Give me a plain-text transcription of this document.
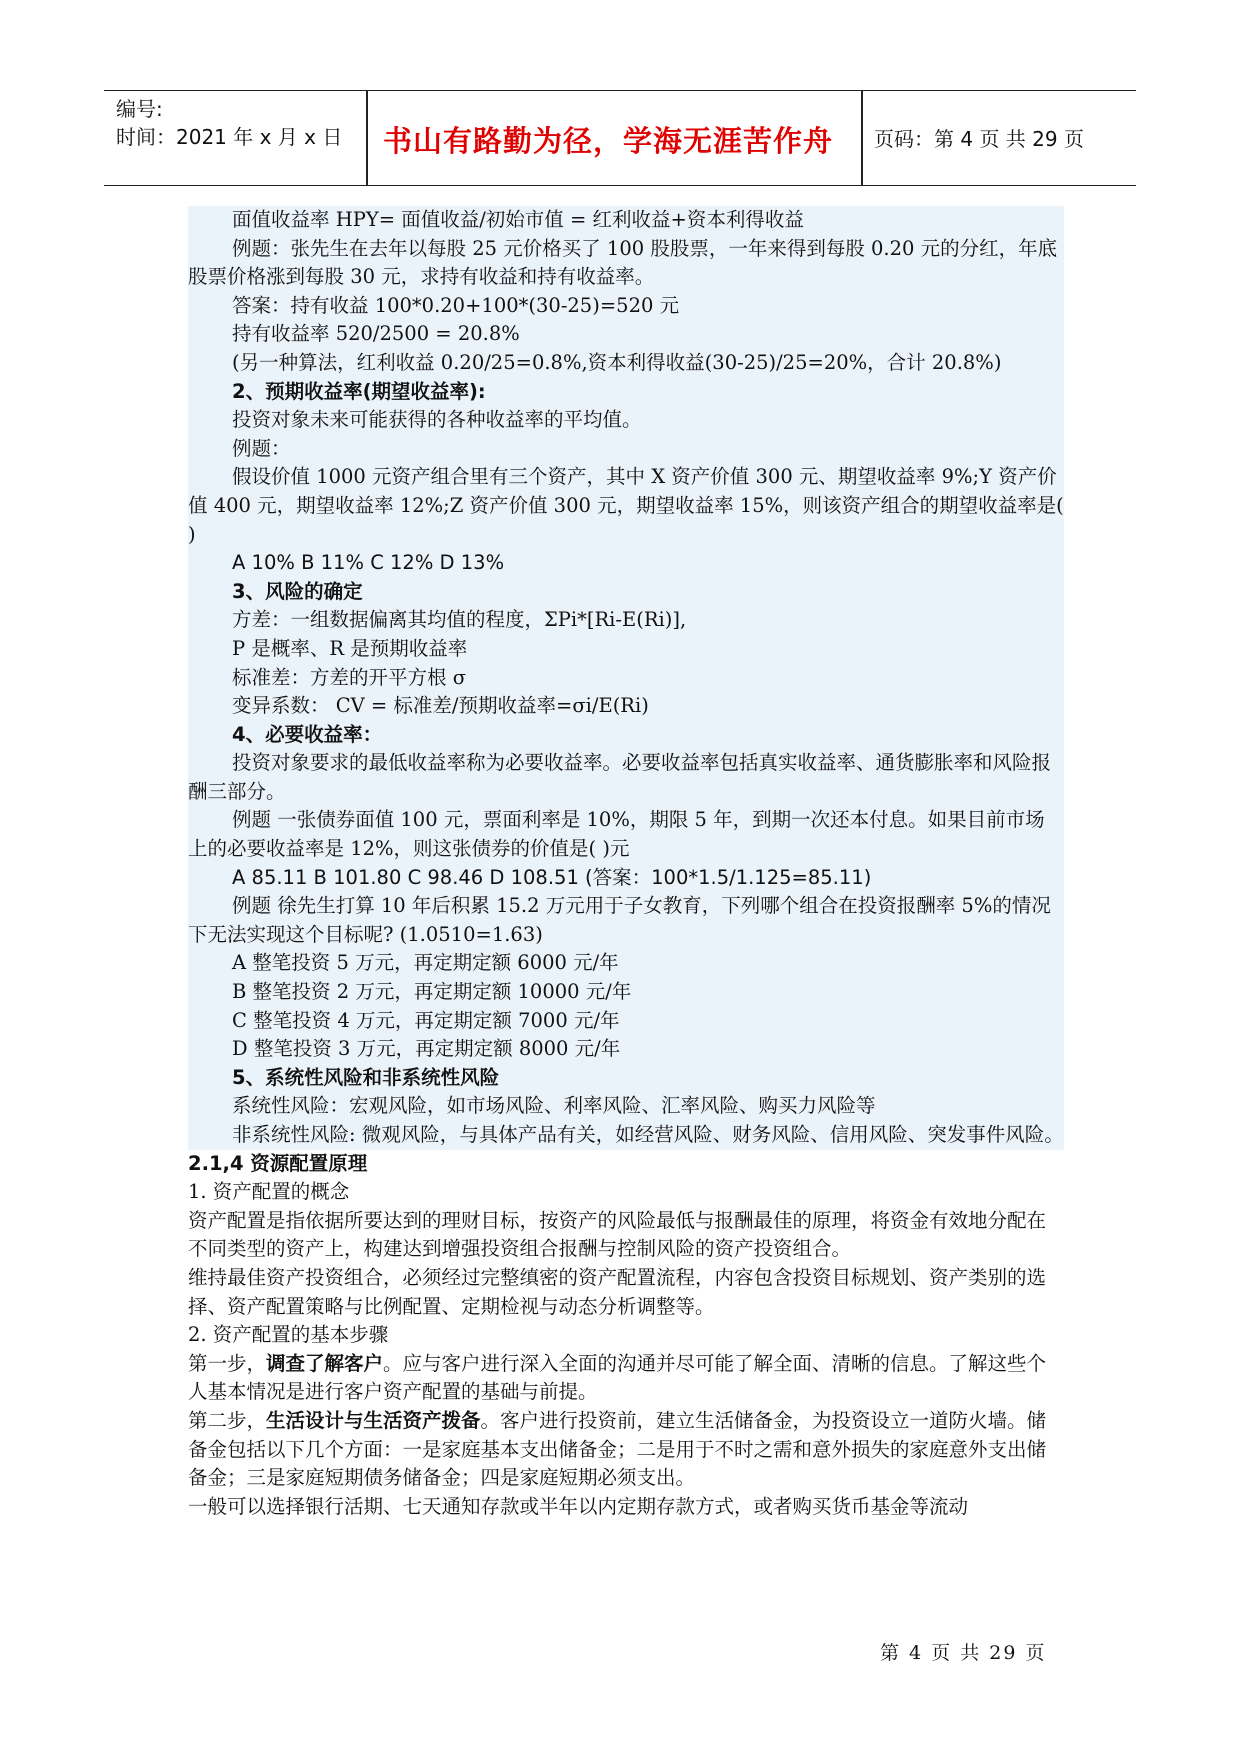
编号:
时间：2021 年 x 月 x 日	书山有路勤为径，学海无涯苦作舟	页码：第 4 页 共 29 页

面值收益率 HPY= 面值收益/初始市值 = 红利收益+资本利得收益

例题：张先生在去年以每股 25 元价格买了 100 股股票，一年来得到每股 0.20 元的分红，年底股票价格涨到每股 30 元，求持有收益和持有收益率。

答案：持有收益 100*0.20+100*(30-25)=520 元

持有收益率 520/2500 = 20.8%

(另一种算法，红利收益 0.20/25=0.8%,资本利得收益(30-25)/25=20%，合计 20.8%)

2、预期收益率(期望收益率):

投资对象未来可能获得的各种收益率的平均值。

例题：

假设价值 1000 元资产组合里有三个资产，其中 X 资产价值 300 元、期望收益率 9%;Y 资产价值 400 元，期望收益率 12%;Z 资产价值 300 元，期望收益率 15%，则该资产组合的期望收益率是( )

A 10% B 11% C 12% D 13%

3、风险的确定

方差：一组数据偏离其均值的程度，ΣPi*[Ri-E(Ri)],

P 是概率、R 是预期收益率

标准差：方差的开平方根 σ

变异系数： CV = 标准差/预期收益率=σi/E(Ri)

4、必要收益率：

投资对象要求的最低收益率称为必要收益率。必要收益率包括真实收益率、通货膨胀率和风险报酬三部分。

例题 一张债券面值 100 元，票面利率是 10%，期限 5 年，到期一次还本付息。如果目前市场上的必要收益率是 12%，则这张债券的价值是( )元

A 85.11 B 101.80 C 98.46 D 108.51 (答案：100*1.5/1.125=85.11)

例题 徐先生打算 10 年后积累 15.2 万元用于子女教育，下列哪个组合在投资报酬率 5%的情况下无法实现这个目标呢? (1.0510=1.63)

A 整笔投资 5 万元，再定期定额 6000 元/年

B 整笔投资 2 万元，再定期定额 10000 元/年

C 整笔投资 4 万元，再定期定额 7000 元/年

D 整笔投资 3 万元，再定期定额 8000 元/年

5、系统性风险和非系统性风险

系统性风险：宏观风险，如市场风险、利率风险、汇率风险、购买力风险等

非系统性风险: 微观风险，与具体产品有关，如经营风险、财务风险、信用风险、突发事件风险。

2.1,4 资源配置原理

1. 资产配置的概念

资产配置是指依据所要达到的理财目标，按资产的风险最低与报酬最佳的原理，将资金有效地分配在不同类型的资产上，构建达到增强投资组合报酬与控制风险的资产投资组合。

维持最佳资产投资组合，必须经过完整缜密的资产配置流程，内容包含投资目标规划、资产类别的选择、资产配置策略与比例配置、定期检视与动态分析调整等。

2. 资产配置的基本步骤

第一步，调查了解客户。应与客户进行深入全面的沟通并尽可能了解全面、清晰的信息。了解这些个人基本情况是进行客户资产配置的基础与前提。

第二步，生活设计与生活资产拨备。客户进行投资前，建立生活储备金，为投资设立一道防火墙。储备金包括以下几个方面：一是家庭基本支出储备金；二是用于不时之需和意外损失的家庭意外支出储备金；三是家庭短期债务储备金；四是家庭短期必须支出。

一般可以选择银行活期、七天通知存款或半年以内定期存款方式，或者购买货币基金等流动

第 4 页 共 29 页
